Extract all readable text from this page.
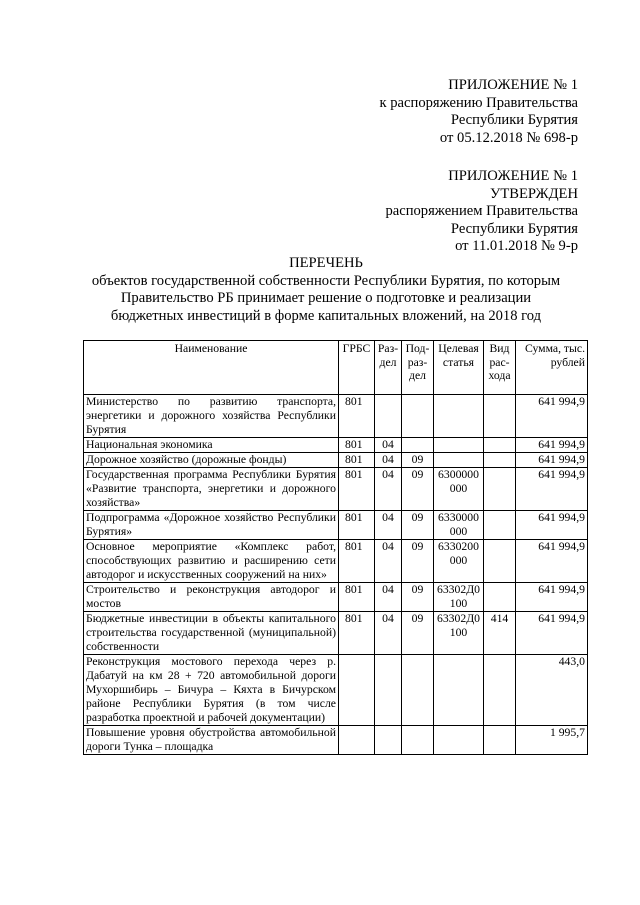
ПРИЛОЖЕНИЕ № 1
к распоряжению Правительства
Республики Бурятия
от 05.12.2018 № 698-р
ПРИЛОЖЕНИЕ № 1
УТВЕРЖДЕН
распоряжением Правительства
Республики Бурятия
от 11.01.2018 № 9-р
ПЕРЕЧЕНЬ
объектов государственной собственности Республики Бурятия, по которым
Правительство РБ принимает решение о подготовке и реализации
бюджетных инвестиций в форме капитальных вложений, на 2018 год
Наименование	ГРБС	Раз-дел	Под-раз-дел	Целевая статья	Вид рас-хода	Сумма, тыс. рублей
Министерство по развитию транспорта, энергетики и дорожного хозяйства Республики Бурятия	801					641 994,9
Национальная экономика	801	04				641 994,9
Дорожное хозяйство (дорожные фонды)	801	04	09			641 994,9
Государственная программа Республики Бурятия «Развитие транспорта, энергетики и дорожного хозяйства»	801	04	09	6300000 000		641 994,9
Подпрограмма «Дорожное хозяйство Республики Бурятия»	801	04	09	6330000 000		641 994,9
Основное мероприятие «Комплекс работ, способствующих развитию и расширению сети автодорог и искусственных сооружений на них»	801	04	09	6330200 000		641 994,9
Строительство и реконструкция автодорог и мостов	801	04	09	63302Д0 100		641 994,9
Бюджетные инвестиции в объекты капитального строительства государственной (муниципальной) собственности	801	04	09	63302Д0 100	414	641 994,9
Реконструкция мостового перехода через р. Дабатуй на км 28 + 720 автомобильной дороги Мухоршибирь – Бичура – Кяхта в Бичурском районе Республики Бурятия (в том числе разработка проектной и рабочей документации)						443,0
Повышение уровня обустройства автомобильной дороги Тунка – площадка						1 995,7
